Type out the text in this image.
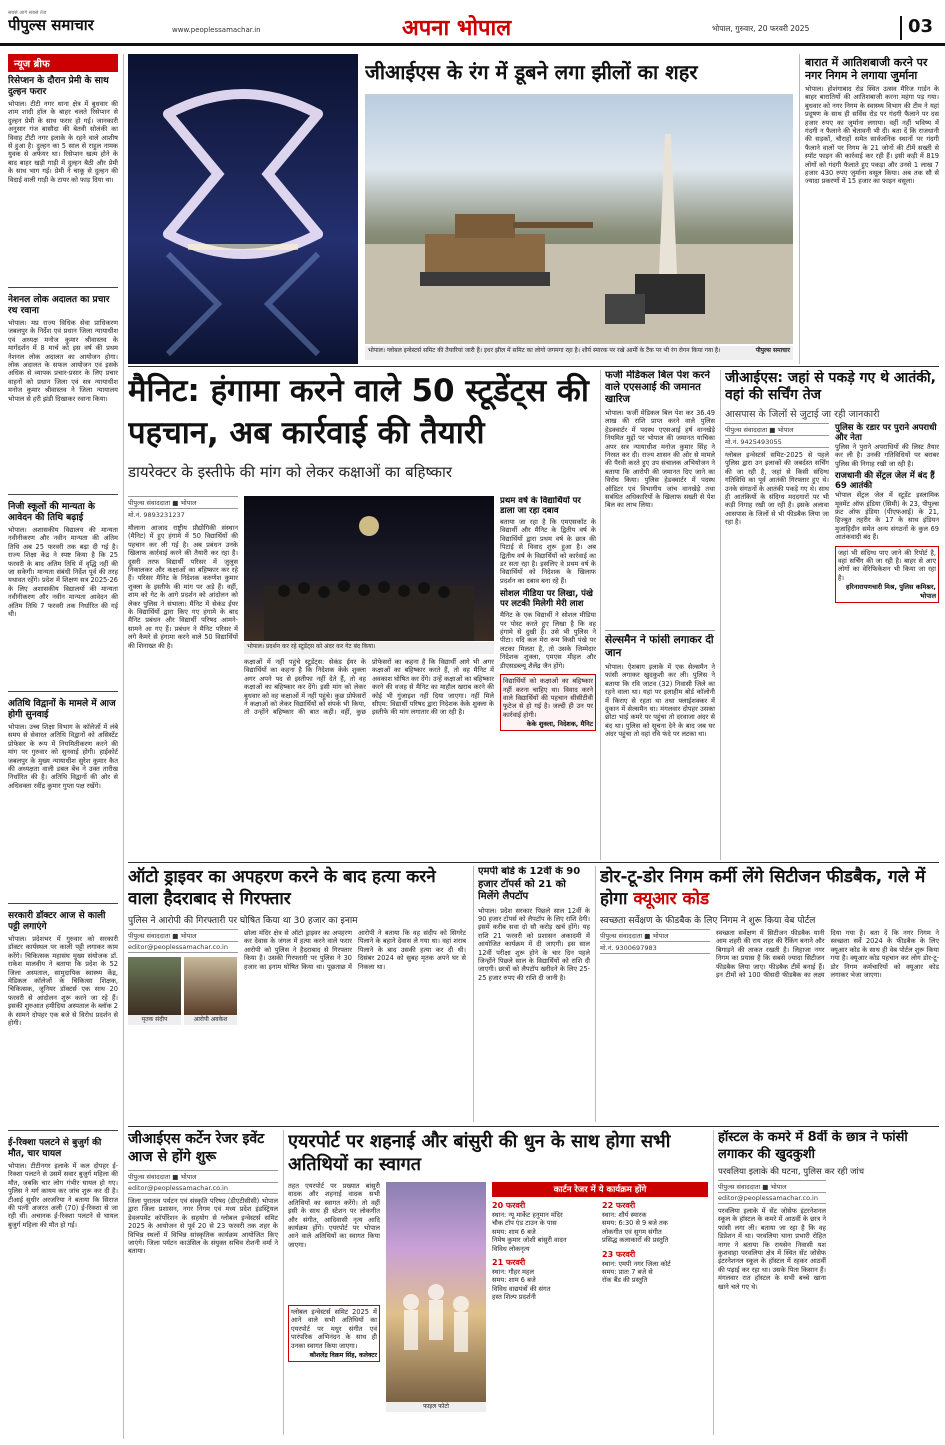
सबसे आगे सबसे तेज
पीपुल्स समाचार	www.peoplessamachar.in	अपना भोपाल	भोपाल, गुरुवार, 20 फरवरी 2025	03
न्यूज ब्रीफ
रिसेप्शन के दौरान प्रेमी के साथ दुल्हन फरार
भोपाल। टीटी नगर थाना क्षेत्र में बुधवार की शाम शादी हॉल के बाहर चलते रिसेप्शन से दुल्हन प्रेमी के साथ फरार हो गई। जानकारी अनुसार गंज बासौदा की बेतवी सोलंकी का विवाह टीटी नगर इलाके के रहने वाले आशीष से हुआ है। दुल्हन का 5 साल से राहुल नामक युवक से अफेयर था। रिसेप्शन खत्म होने के बाद बाहर खड़ी गाड़ी में दुल्हन बैठी और प्रेमी के साथ भाग गई। प्रेमी ने चाकू से दुल्हन की विदाई वाली गाड़ी के टायर को फाड़ दिया था।
नेशनल लोक अदालत का प्रचार रथ रवाना
भोपाल। मप्र राज्य विधिक सेवा प्राधिकरण जबलपुर के निर्देश एवं प्रधान जिला न्यायाधीश एवं अध्यक्ष मनोज कुमार श्रीवास्तव के मार्गदर्शन में 8 मार्च को इस वर्ष की प्रथम नेशनल लोक अदालत का आयोजन होगा। लोक अदालत के सफल आयोजन एवं इसके अधिक से व्यापक प्रचार-प्रसार के लिए प्रचार वाहनों को प्रधान जिला एवं सत्र न्यायाधीश मनोज कुमार श्रीवास्तव ने जिला न्यायालय भोपाल से हरी झंडी दिखाकर रवाना किया।
निजी स्कूलों की मान्यता के आवेदन की तिथि बढ़ाई
भोपाल। अशासकीय विद्यालय की मान्यता नवीनीकरण और नवीन मान्यता की अंतिम तिथि अब 25 फरवरी तक बढ़ा दी गई है। राज्य शिक्षा केंद्र ने स्पष्ट किया है कि 25 फरवरी के बाद अंतिम तिथि में वृद्धि नहीं की जा सकेगी। मान्यता संबंधी निर्देश पूर्व की तरह यथावत रहेंगे। प्रदेश में शिक्षण सत्र 2025-26 के लिए अशासकीय विद्यालयों की मान्यता नवीनीकरण और नवीन मान्यता आवेदन की अंतिम तिथि 7 फरवरी तक निर्धारित की गई थी।
अतिथि विद्वानों के मामले में आज होगी सुनवाई
भोपाल। उच्च शिक्षा विभाग के कॉलेजों में लंबे समय से सेवारत अतिथि विद्वानों को असिस्टेंट प्रोफेसर के रूप में नियमितीकरण करने की मांग पर गुरुवार को सुनवाई होगी। हाईकोर्ट जबलपुर के मुख्य न्यायाधीश सुरेश कुमार कैत की अध्यक्षता वाली डबल बेंच ने उक्त तारीख निर्धारित की है। अतिथि विद्वानों की ओर से अधिवक्ता रवींद्र कुमार गुप्ता पक्ष रखेंगे।
सरकारी डॉक्टर आज से काली पट्टी लगाएंगे
भोपाल। प्रदेशभर में गुरुवार को सरकारी डॉक्टर कार्यस्थल पर काली पट्टी लगाकर काम करेंगे। चिकित्सक महासंघ मुख्य संयोजक डॉ. राकेश मालवीय ने बताया कि प्रदेश के 52 जिला अस्पताल, सामुदायिक स्वास्थ्य केंद्र, मेडिकल कॉलेजों के चिकित्सा शिक्षक, चिकित्सक, जूनियर डॉक्टर्स एक साथ 20 फरवरी से आंदोलन शुरू करने जा रहे हैं। इसकी शुरुआत हमीदिया अस्पताल के ब्लॉक 2 के सामने दोपहर एक बजे से विरोध प्रदर्शन से होगी।
ई-रिक्शा पलटने से बुजुर्ग की मौत, चार घायल
भोपाल। टीटीनगर इलाके में कल दोपहर ई-रिक्शा पलटने से उसमें सवार बुजुर्ग महिला की मौत, जबकि चार लोग गंभीर घायल हो गए। पुलिस ने मर्ग कायम कर जांच शुरू कर दी है। टीआई सुधीर अरजरिया ने बताया कि सिराज की पत्नी अजरत अली (70) ई-रिक्शा से जा रही थीं। अचानक ई-रिक्शा पलटने से घायल बुजुर्ग महिला की मौत हो गई।
जीआईएस के रंग में डूबने लगा झीलों का शहर
भोपाल। ग्लोबल इन्वेस्टर्स समिट की तैयारियां जारी हैं। इधर झील में समिट का लोगो जगमगा रहा है। शौर्य स्मारक पर रखे आर्मी के टैंक पर भी रंग रोगन किया गया है।	पीपुल्स समाचार
बारात में आतिशबाजी करने पर नगर निगम ने लगाया जुर्माना
भोपाल। होशंगाबाद रोड स्थित उत्सव मैरिज गार्डन के बाहर बारातियों की आतिशबाजी करना महंगा पड़ गया। बुधवार को नगर निगम के स्वास्थ्य विभाग की टीम ने यहां प्रदूषण के साथ ही सर्विस रोड पर गंदगी फैलाने पर दस हजार रुपए का जुर्माना लगाया। वहीं नहीं भविष्य में गंदगी न फैलाने की चेतावनी भी दी। बता दें कि राजधानी की सड़कों, चौराहों समेत सार्वजनिक स्थानों पर गंदगी फैलाने वालों पर निगम के 21 जोनों की टीमें सख्ती से स्पॉट फाइन की कार्रवाई कर रही हैं। इसी कड़ी में 819 लोगों को गंदगी फैलाते हुए पकड़ा और उनसे 1 लाख 7 हजार 430 रुपए जुर्माना वसूल किया। अब तक सौ से ज्यादा प्रकरणों में 15 हजार का फाइन वसूला।
मैनिट: हंगामा करने वाले 50 स्टूडेंट्स की पहचान, अब कार्रवाई की तैयारी
डायरेक्टर के इस्तीफे की मांग को लेकर कक्षाओं का बहिष्कार
पीपुल्स संवाददाता ■ भोपाल
मो.नं. 9893231237
मौलाना आजाद राष्ट्रीय प्रौद्योगिकी संस्थान (मैनिट) में हुए हंगामे में 50 विद्यार्थियों की पहचान कर ली गई है। अब प्रबंधन उनके खिलाफ कार्रवाई करने की तैयारी कर रहा है। दूसरी तरफ विद्यार्थी परिसर में जुलूस निकालकर और कक्षाओं का बहिष्कार कर रहे हैं। परिसर मैनिट के निदेशक करुणेश कुमार शुक्ला के इस्तीफे की मांग पर अड़े हैं। वहीं, शाम को गेट के आगे प्रदर्शन को आंदोलन को लेकर पुलिस ने संभाला। मैनिट में सेकंड ईयर के विद्यार्थियों द्वारा किए गए हंगामे के बाद मैनिट प्रबंधन और विद्यार्थी परिषद आमने-सामने आ गए हैं। प्रबंधन ने मैनिट परिसर में लगे कैमरे से हंगामा करने वाले 50 विद्यार्थियों की शिनाख्त की है।	भोपाल। प्रदर्शन कर रहे स्टूडेंट्स को अंदर कर गेट बंद किया।
कक्षाओं में नहीं पहुंचे स्टूडेंट्स: सेकंड ईयर के विद्यार्थियों का कहना है कि निदेशक केके शुक्ला अगर अपने पद से इस्तीफा नहीं देते हैं, तो वह कक्षाओं का बहिष्कार कर देंगे। इसी मांग को लेकर बुधवार को वह कक्षाओं में नहीं पहुंचे। कुछ प्रोफेसरों ने कक्षाओं को लेकर विद्यार्थियों को संपर्क भी किया, तो उन्होंने बहिष्कार की बात कही। वहीं, कुछ प्रोफेसरों का कहना है कि विद्यार्थी आगे भी अगर कक्षाओं का बहिष्कार करते हैं, तो वह मैनिट में अवकाश घोषित कर देंगे। उन्हें कक्षाओं का बहिष्कार करने की वजह से मैनिट का माहौल खराब करने की कोई भी गुंजाइश नहीं दिया जाएगा। नहीं मिले सीएम: विद्यार्थी परिषद द्वारा निदेशक केके शुक्ला के इस्तीफे की मांग लगातार की जा रही है।
प्रथम वर्ष के विद्यार्थियों पर डाला जा रहा दबाव
बताया जा रहा है कि एमएसकॉट के विद्यार्थी और मैनिट के द्वितीय वर्ष के विद्यार्थियों द्वारा प्रथम वर्ष के छात्र की पिटाई से विवाद शुरू हुआ है। अब द्वितीय वर्ष के विद्यार्थियों को कार्रवाई का डर सता रहा है। इसलिए वे प्रथम वर्ष के विद्यार्थियों को निदेशक के खिलाफ प्रदर्शन का दबाव बना रहे हैं।
सोशल मीडिया पर लिखा, पंखे पर लटकी मिलेगी मेरी लाश
मैनिट के एक विद्यार्थी ने सोशल मीडिया पर पोस्ट करते हुए लिखा है कि वह हंगामे से दुखी है। उसे भी पुलिस ने पीटा। यदि कल मेरा रूम किसी पंखे पर लटका मिलता है, तो उसके जिम्मेदार निदेशक शुक्ला, एमएस मीहल और डीएसडब्ल्यू शैलेंद्र जैन होंगे।
विद्यार्थियों को कक्षाओं का बहिष्कार नहीं करना चाहिए था। विवाद करने वाले विद्यार्थियों की पहचान सीसीटीवी फुटेज से हो गई है। जल्दी ही उन पर कार्रवाई होगी।
केके शुक्ला, निदेशक, मैनिट
फर्जी मेडिकल बिल पेश करने वाले एएसआई की जमानत खारिज
भोपाल। फर्जी मेडिकल बिल पेश कर 36.49 लाख की राशि प्राप्त करने वाले पुलिस हेडक्वार्टर में पदस्थ एएसआई हर्ष वानखेड़े नियमित मुद्दों पर भोपाल की जमानत याचिका अपर सत्र न्यायाधीश मनोज कुमार सिंह ने निरस्त कर दी। राज्य शासन की ओर से मामले की पैरवी करते हुए उप संचालक अभियोजन ने बताया कि आरोपी की जमानत दिए जाने का विरोध किया। पुलिस हेडक्वार्टर में पदस्थ ऑडिटर एवं विभागीय जांच वानखेड़े तथा सबंधित अधिकारियों के खिलाफ सख्ती से पेश बिल का लाभ लिया।
सेल्समैन ने फांसी लगाकर दी जान
भोपाल। ऐशबाग इलाके में एक सेल्समैन ने फांसी लगाकर खुदकुशी कर ली। पुलिस ने बताया कि रवि जाटव (32) निवासी जिले का रहने वाला था। यहां पर इलाहीम बोर्ड कॉलोनी में किराए से रहता था तथा फ्लाईशक्कर में दुकान में सेल्समैन था। मंगलवार दोपहर उसका छोटा भाई कमरे पर पहुंचा तो दरवाजा अंदर से बंद था। पुलिस को सूचना देने के बाद जब घर अंदर पहुंचा तो वहां रवि फंदे पर लटका था।
जीआईएस: जहां से पकड़े गए थे आतंकी, वहां की सर्चिंग तेज
आसपास के जिलों से जुटाई जा रही जानकारी
पीपुल्स संवाददाता ■ भोपाल
मो.नं. 9425493055
ग्लोबल इन्वेस्टर्स समिट-2025 से पहले पुलिस द्वारा उन इलाकों की जबर्दस्त सर्चिंग की जा रही है, जहां से किसी संदिग्ध गतिविधि का पूर्व आतंकी गिरफ्तार हुए थे। उनके संगठनों के आतंकी पकड़े गए थे। साथ ही आतंकियों के संदिग्ध मददगारों पर भी कड़ी निगाह रखी जा रही है। इसके अलावा आसपास के जिलों से भी फीडबैक लिया जा रहा है।
पुलिस के रडार पर पुराने अपराधी और नेता
पुलिस ने पुराने अपराधियों की लिस्ट तैयार कर ली है। उनकी गतिविधियों पर बराबर पुलिस की निगाह रखी जा रही है।
राजधानी की सेंट्रल जेल में बंद हैं 69 आतंकी
भोपाल सेंट्रल जेल में स्टूडेंट इस्लामिक मूवमेंट ऑफ इंडिया (सिमी) के 23, पीपुल्स फ्रंट ऑफ इंडिया (पीएफआई) के 21, हिज्बुत तहरीर के 17 के साथ इंडियन मुजाहिदीन समेत अन्य संगठनों के कुल 69 आतंकवादी बंद हैं।
जहां भी संदिग्ध पाए जाने की रिपोर्ट है, वहां सर्चिंग की जा रही है। बाहर से आए लोगों का वेरिफिकेशन भी किया जा रहा है।
हरिनारायणचारी मिश्र, पुलिस कमिश्नर, भोपाल
ऑटो ड्राइवर का अपहरण करने के बाद हत्या करने वाला हैदराबाद से गिरफ्तार
पुलिस ने आरोपी की गिरफ्तारी पर घोषित किया था 30 हजार का इनाम
पीपुल्स संवाददाता ■ भोपाल
editor@peoplessamachar.co.in
मृतक संदीप	आरोपी अवकेश
छोला मंदिर क्षेत्र से ऑटो ड्राइवर का अपहरण कर देवास के जंगल में हत्या करने वाले फरार आरोपी को पुलिस ने हैदराबाद से गिरफ्तार किया है। उसकी गिरफ्तारी पर पुलिस ने 30 हजार का इनाम घोषित किया था। पूछताछ में आरोपी ने बताया कि वह संदीप को सिगरेट पिलाने के बहाने देवास ले गया था। वहां शराब पिलाने के बाद उसकी हत्या कर दी थी। दिसंबर 2024 को सुबह मृतक अपने घर से निकला था।
एमपी बोर्ड के 12वीं के 90 हजार टॉपर्स को 21 को मिलेंगे लैपटॉप
भोपाल। प्रदेश सरकार पिछले साल 12वीं के 90 हजार टॉपर्स को लैपटॉप के लिए राशि देगी। इसमें करीब सवा दो सौ करोड़ खर्च होंगे। यह राशि 21 फरवरी को प्रशासन अकादमी में आयोजित कार्यक्रम में दी जाएगी। इस साल 12वीं परीक्षा शुरू होने के चार दिन पहले जिन्होंने पिछले साल के विद्यार्थियों को राशि दी जाएगी। छात्रों को लैपटॉप खरीदने के लिए 25-25 हजार रुपए की राशि दी जानी है।
डोर-टू-डोर निगम कर्मी लेंगे सिटीजन फीडबैक, गले में होगा क्यूआर कोड
स्वच्छता सर्वेक्षण के फीडबैक के लिए निगम ने शुरू किया वेब पोर्टल
पीपुल्स संवाददाता ■ भोपाल
मो.नं. 9300697983
स्वच्छता सर्वेक्षण में सिटीजन फीडबैक यानी आम शहरी की राय शहर की रैंकिंग बनाने और बिगाड़ने की ताकत रखती है। लिहाजा नगर निगम का प्रयास है कि सबसे ज्यादा सिटीजन फीडबैक लिया जाए। फीडबैक टीमें बनाई हैं। इन टीमों को 100 फीसदी फीडबैक का लक्ष्य दिया गया है। बता दें कि नगर निगम ने स्वच्छता सर्वे 2024 के फीडबैक के लिए क्यूआर कोड के साथ ही वेब पोर्टल शुरू किया गया है। क्यूआर कोड पहचान कर लोग डोर-टू-डोर निगम कर्मचारियों को क्यूआर कोड लगाकर भेजा जाएगा।
जीआईएस कर्टेन रेजर इवेंट आज से होंगे शुरू
पीपुल्स संवाददाता ■ भोपाल
editor@peoplessamachar.co.in
जिला पुरातत्व पर्यटन एवं संस्कृति परिषद (डीएटीसीसी) भोपाल द्वारा जिला प्रशासन, नगर निगम एवं मध्य प्रदेश इंडस्ट्रियल डेवलपमेंट कॉर्पोरेशन के सहयोग से ग्लोबल इन्वेस्टर्स समिट 2025 के आयोजन से पूर्व 20 से 23 फरवरी तक शहर के विभिन्न स्थलों में विभिन्न सांस्कृतिक कार्यक्रम आयोजित किए जाएंगे। जिला पर्यटन काउंसिल के संयुक्त सचिव रोशनी वर्मा ने बताया।
एयरपोर्ट पर शहनाई और बांसुरी की धुन के साथ होगा सभी अतिथियों का स्वागत
तहत एयरपोर्ट पर प्रख्यात बांसुरी वादक और शहनाई वादक सभी अतिथियों का स्वागत करेंगे। तो वहीं इसी के साथ ही स्टेशन पर लोकगीत और संगीत, आदिवासी नृत्य आदि कार्यक्रम होंगे। एयरपोर्ट पर भोपाल आने वाले अतिथियों का स्वागत किया जाएगा।
ग्लोबल इन्वेस्टर्स समिट 2025 में आने वाले सभी अतिथियों का एयरपोर्ट पर मधुर संगीत एवं पारंपरिक अभिनंदन के साथ ही उनका स्वागत किया जाएगा।
कौशलेंद्र विक्रम सिंह, कलेक्टर
फाइल फोटो
कार्टन रेजर में ये कार्यक्रम होंगे
20 फरवरी
स्थान: न्यू मार्केट हनुमान मंदिर
चौक टॉप एंड टाउन के पास
समय: शाम 6 बजे
निमेष कुमार जोशी बांसुरी वादन
विविध लोकनृत्य
21 फरवरी
स्थान: गौहर महल
समय: शाम 6 बजे
विविध वाद्ययंत्रों की संगत
हस्त शिल्प प्रदर्शनी
22 फरवरी
स्थान: शौर्य स्मारक
समय: 6:30 से 9 बजे तक
लोकगीत एवं सुगम संगीत
प्रसिद्ध कलाकारों की प्रस्तुति
23 फरवरी
स्थान: एमपी नगर जिला कोर्ट
समय: प्रातः 7 बजे से
रॉक बैंड की प्रस्तुति
हॉस्टल के कमरे में 8वीं के छात्र ने फांसी लगाकर की खुदकुशी
परवलिया इलाके की घटना, पुलिस कर रही जांच
पीपुल्स संवाददाता ■ भोपाल
editor@peoplessamachar.co.in
परवलिया इलाके में सेंट जोसेफ इंटरनेशनल स्कूल के हॉस्टल के कमरे में आठवीं के छात्र ने फांसी लगा ली। बताया जा रहा है कि वह डिप्रेशन में था। परवलिया थाना प्रभारी रोहित नागर ने बताया कि रायसेन निवासी यश कुशवाहा परवलिया क्षेत्र में स्थित सेंट जोसेफ इंटरनेशनल स्कूल के हॉस्टल में रहकर आठवीं की पढ़ाई कर रहा था। उसके पिता किसान हैं। मंगलवार रात हॉस्टल के सभी बच्चे खाना खाने चले गए थे।
